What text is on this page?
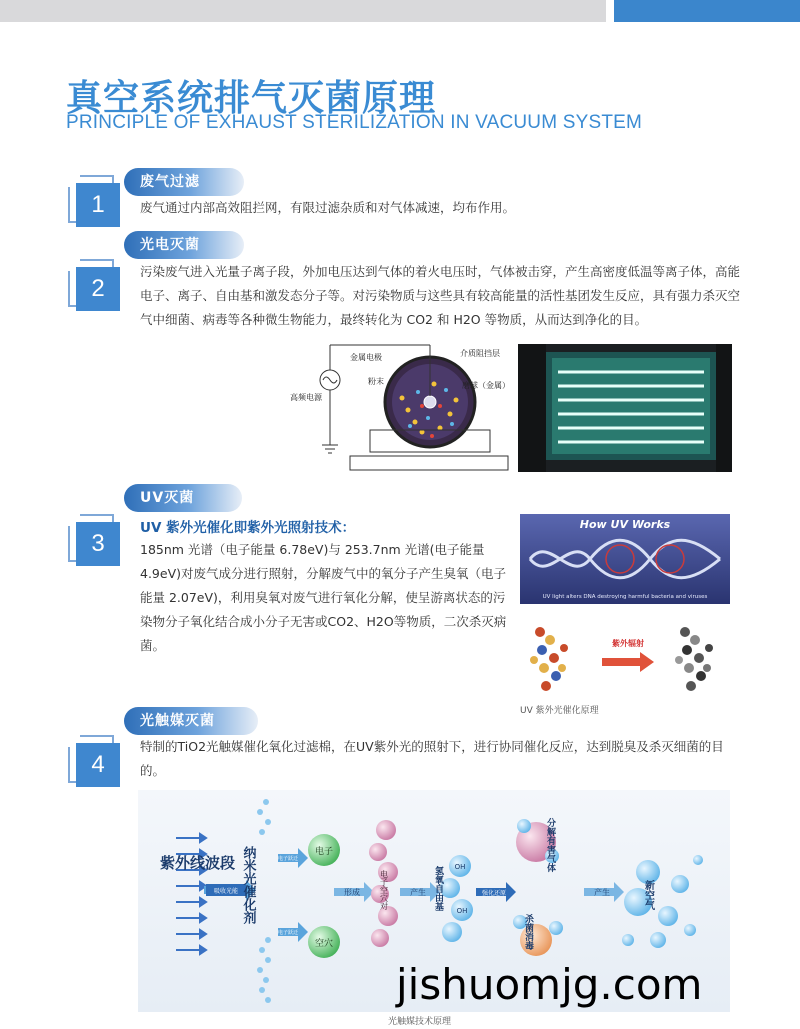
真空系统排气灭菌原理
PRINCIPLE OF EXHAUST STERILIZATION IN VACUUM SYSTEM
1
废气过滤
废气通过内部高效阻拦网，有限过滤杂质和对气体减速，均布作用。
2
光电灭菌
污染废气进入光量子离子段，外加电压达到气体的着火电压时，气体被击穿，产生高密度低温等离子体，高能电子、离子、自由基和激发态分子等。对污染物质与这些具有较高能量的活性基团发生反应，具有强力杀灭空气中细菌、病毒等各种微生物能力，最终转化为 CO2 和 H2O 等物质，从而达到净化的目。
金属电极
粉末
介质阻挡层
磨球（金属）
高频电源
3
UV灭菌
UV 紫外光催化即紫外光照射技术：
185nm 光谱（电子能量 6.78eV)与 253.7nm 光谱(电子能量 4.9eV)对废气成分进行照射，分解废气中的氧分子产生臭氧（电子能量 2.07eV)，利用臭氧对废气进行氧化分解，使呈游离状态的污染物分子氧化结合成小分子无害或CO2、H2O等物质，二次杀灭病菌。
How UV Works
UV light alters DNA destroying harmful bacteria and viruses
紫外辐射
UV 紫外光催化原理
4
光触媒灭菌
特制的TiO2光触媒催化氧化过滤棉，在UV紫外光的照射下，进行协同催化反应，达到脱臭及杀灭细菌的目的。
紫外线波段
吸收光能 纳米光催化剂	电子跃迁
电子
电子跃迁
空穴
形成 电子空穴对	产生
OH
OH
氢氧自由基	强化还原
分解有害气体
杀菌消毒
产生	新空气
光触媒技术原理
jishuomjg.com
